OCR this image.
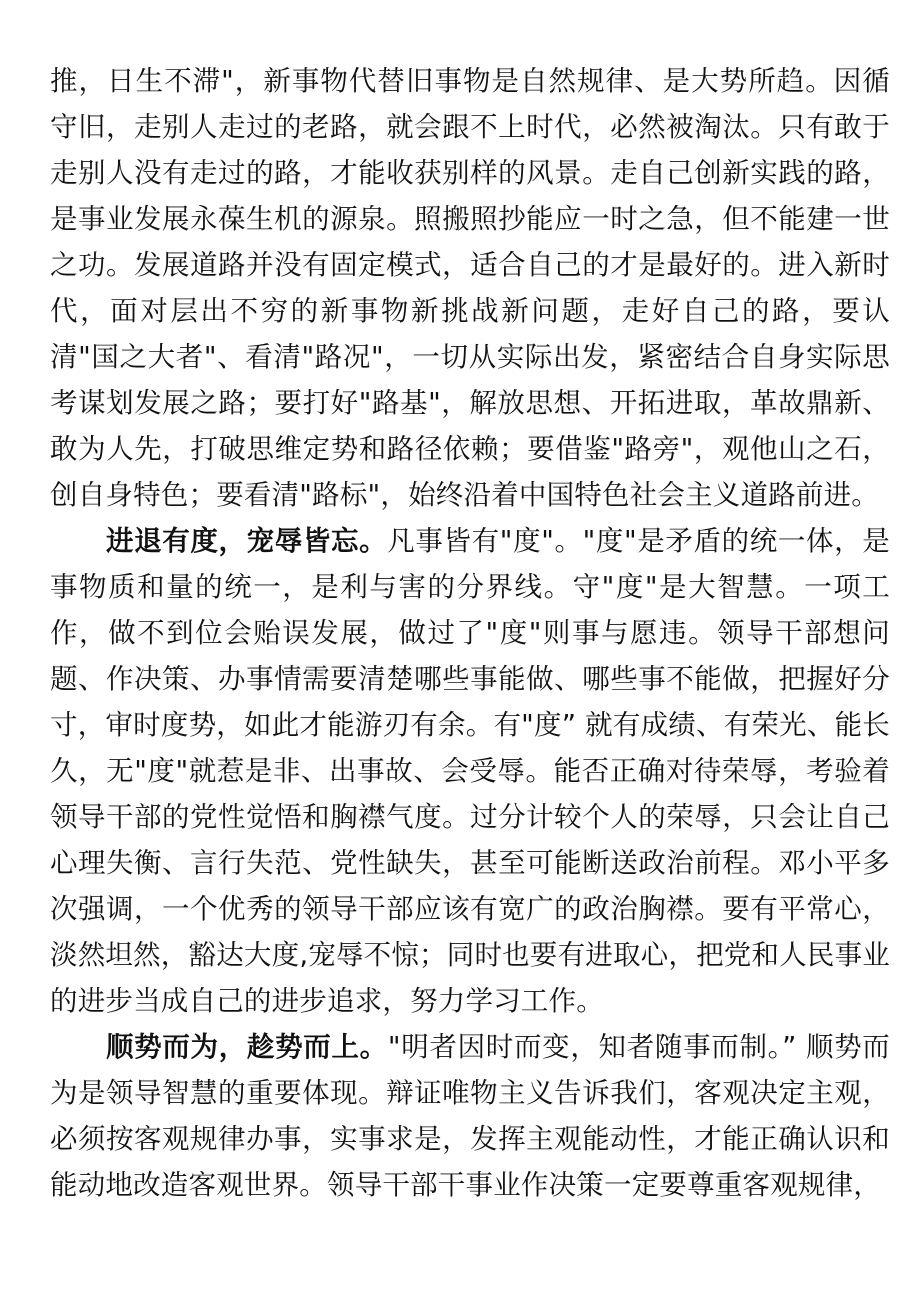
推，日生不滞"，新事物代替旧事物是自然规律、是大势所趋。因循守旧，走别人走过的老路，就会跟不上时代，必然被淘汰。只有敢于走别人没有走过的路，才能收获别样的风景。走自己创新实践的路，是事业发展永葆生机的源泉。照搬照抄能应一时之急，但不能建一世之功。发展道路并没有固定模式，适合自己的才是最好的。进入新时代，面对层出不穷的新事物新挑战新问题，走好自己的路，要认清"国之大者"、看清"路况"，一切从实际出发，紧密结合自身实际思考谋划发展之路；要打好"路基"，解放思想、开拓进取，革故鼎新、敢为人先，打破思维定势和路径依赖；要借鉴"路旁"，观他山之石，创自身特色；要看清"路标"，始终沿着中国特色社会主义道路前进。

进退有度，宠辱皆忘。凡事皆有"度"。"度"是矛盾的统一体，是事物质和量的统一，是利与害的分界线。守"度"是大智慧。一项工作，做不到位会贻误发展，做过了"度"则事与愿违。领导干部想问题、作决策、办事情需要清楚哪些事能做、哪些事不能做，把握好分寸，审时度势，如此才能游刃有余。有"度” 就有成绩、有荣光、能长久，无"度"就惹是非、出事故、会受辱。能否正确对待荣辱，考验着领导干部的党性觉悟和胸襟气度。过分计较个人的荣辱，只会让自己心理失衡、言行失范、党性缺失，甚至可能断送政治前程。邓小平多次强调，一个优秀的领导干部应该有宽广的政治胸襟。要有平常心，淡然坦然，豁达大度,宠辱不惊；同时也要有进取心，把党和人民事业的进步当成自己的进步追求，努力学习工作。

顺势而为，趁势而上。"明者因时而变，知者随事而制。” 顺势而为是领导智慧的重要体现。辩证唯物主义告诉我们，客观决定主观，必须按客观规律办事，实事求是，发挥主观能动性，才能正确认识和能动地改造客观世界。领导干部干事业作决策一定要尊重客观规律，
